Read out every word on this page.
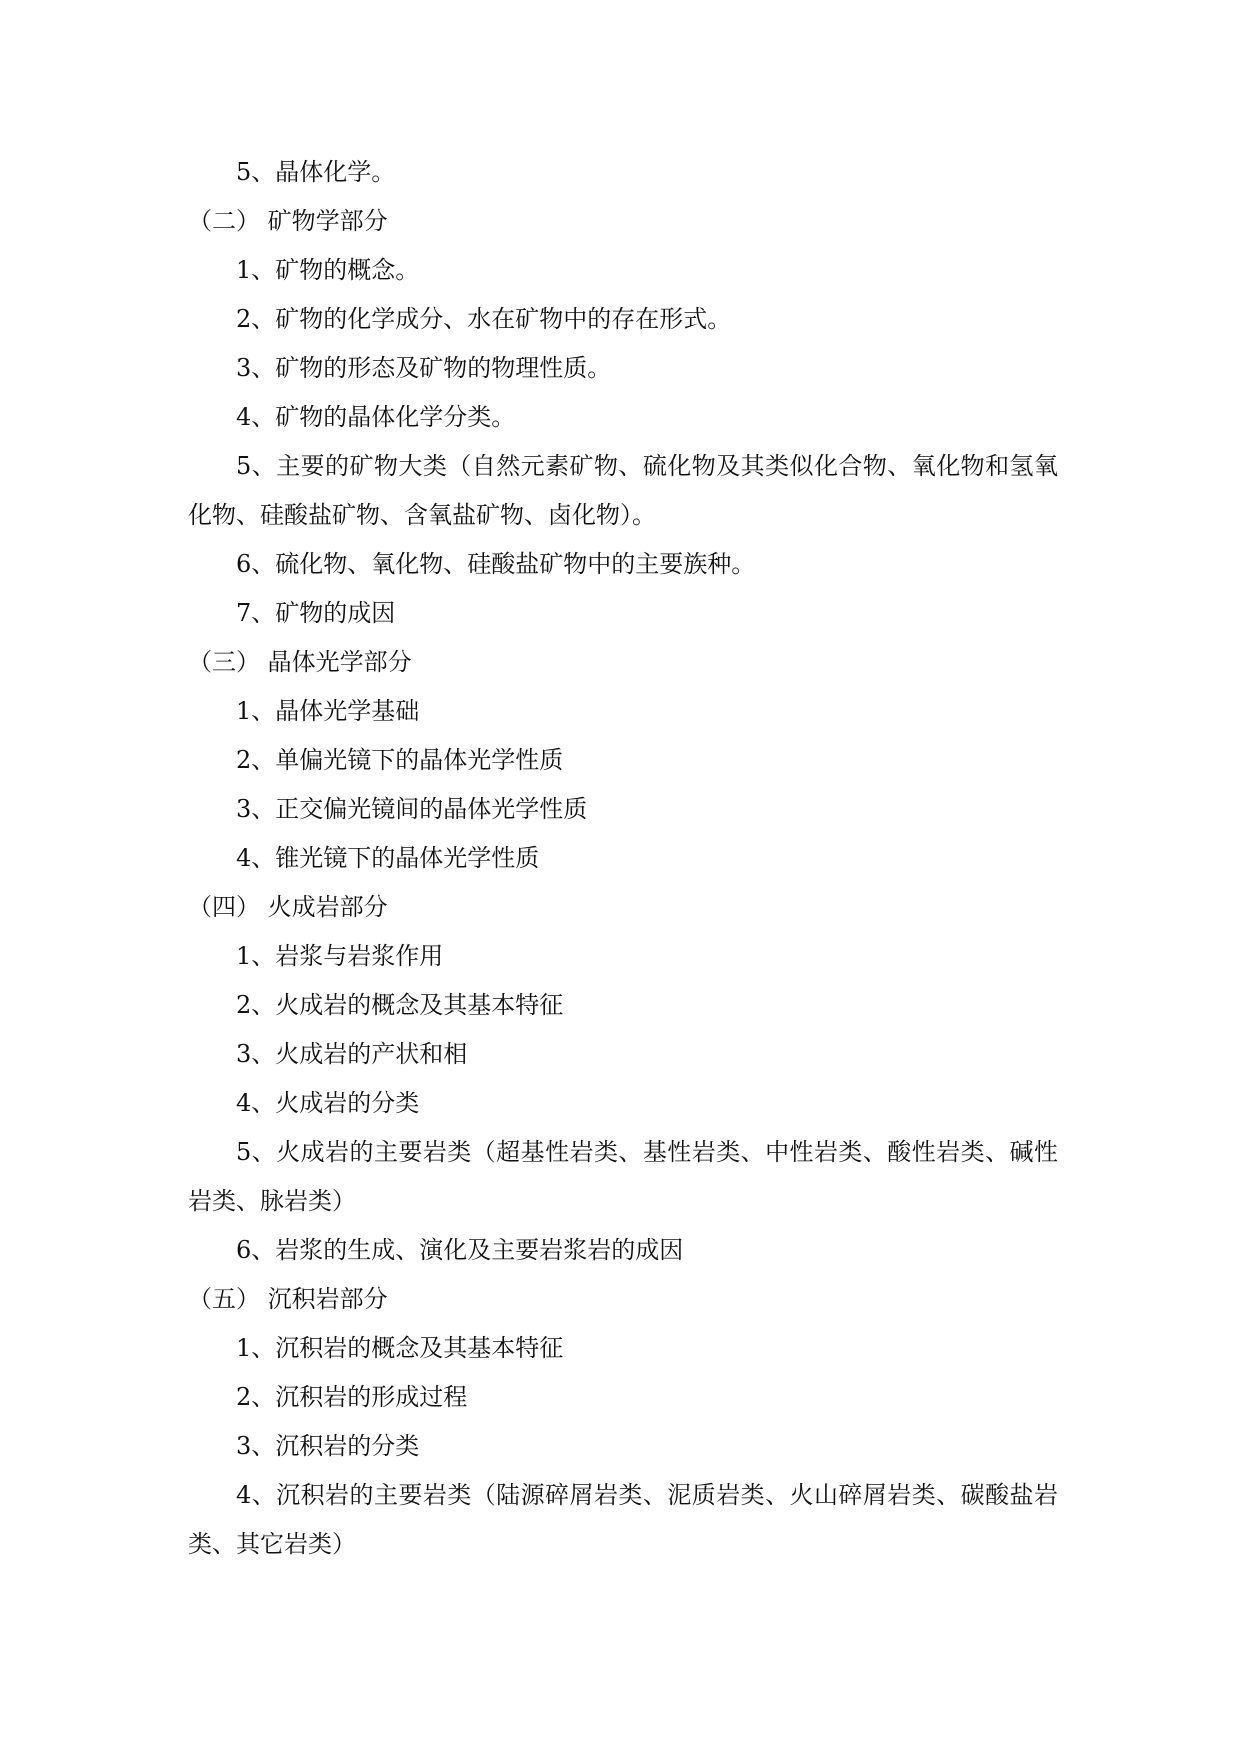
5、晶体化学。
（二） 矿物学部分
1、矿物的概念。
2、矿物的化学成分、水在矿物中的存在形式。
3、矿物的形态及矿物的物理性质。
4、矿物的晶体化学分类。
5、主要的矿物大类（自然元素矿物、硫化物及其类似化合物、氧化物和氢氧化物、硅酸盐矿物、含氧盐矿物、卤化物）。
6、硫化物、氧化物、硅酸盐矿物中的主要族种。
7、矿物的成因
（三） 晶体光学部分
1、晶体光学基础
2、单偏光镜下的晶体光学性质
3、正交偏光镜间的晶体光学性质
4、锥光镜下的晶体光学性质
（四） 火成岩部分
1、岩浆与岩浆作用
2、火成岩的概念及其基本特征
3、火成岩的产状和相
4、火成岩的分类
5、火成岩的主要岩类（超基性岩类、基性岩类、中性岩类、酸性岩类、碱性岩类、脉岩类）
6、岩浆的生成、演化及主要岩浆岩的成因
（五） 沉积岩部分
1、沉积岩的概念及其基本特征
2、沉积岩的形成过程
3、沉积岩的分类
4、沉积岩的主要岩类（陆源碎屑岩类、泥质岩类、火山碎屑岩类、碳酸盐岩类、其它岩类）
